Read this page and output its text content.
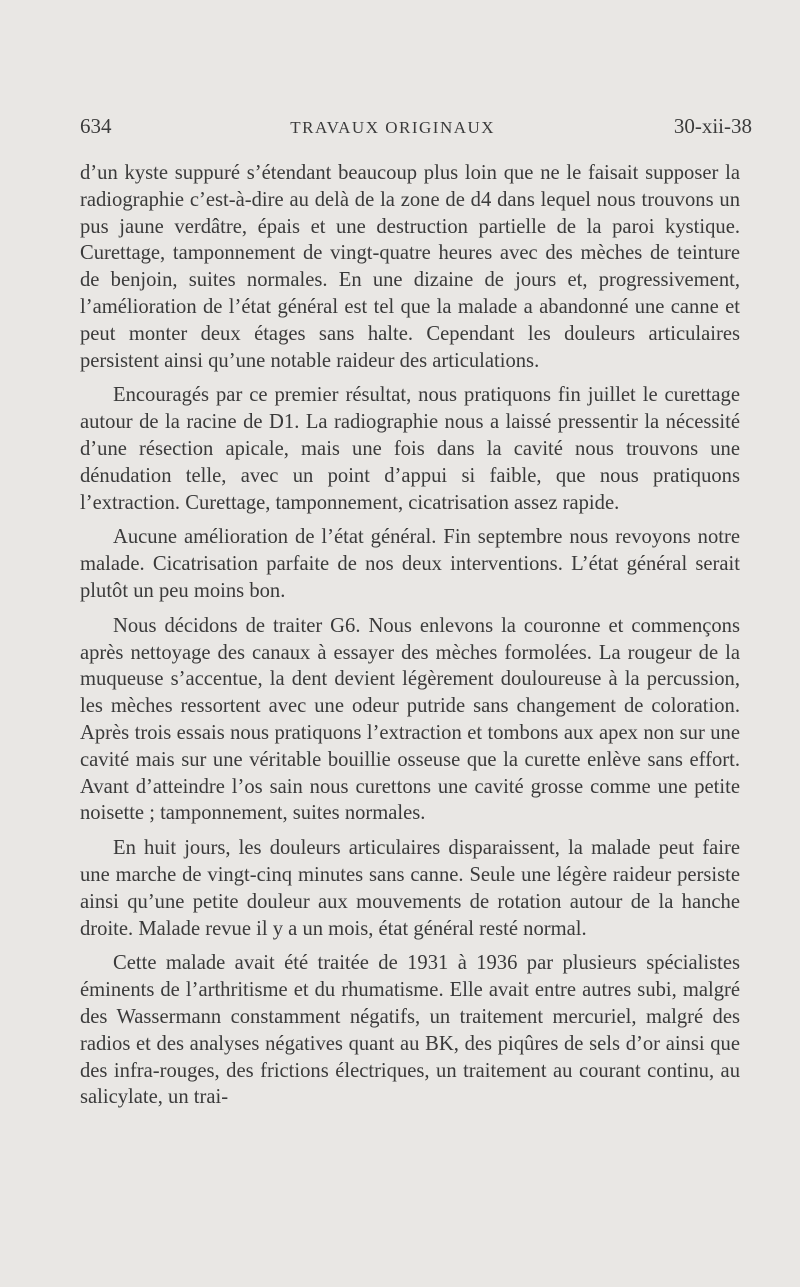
634	TRAVAUX ORIGINAUX	30-xii-38

d’un kyste suppuré s’étendant beaucoup plus loin que ne le faisait supposer la radiographie c’est-à-dire au delà de la zone de d4 dans lequel nous trouvons un pus jaune verdâtre, épais et une destruction partielle de la paroi kystique. Curettage, tamponnement de vingt-quatre heures avec des mèches de teinture de benjoin, suites normales. En une dizaine de jours et, progressivement, l’amélioration de l’état général est tel que la malade a abandonné une canne et peut monter deux étages sans halte. Cependant les douleurs articulaires persistent ainsi qu’une notable raideur des articulations.

Encouragés par ce premier résultat, nous pratiquons fin juillet le curettage autour de la racine de D1. La radiographie nous a laissé pressentir la nécessité d’une résection apicale, mais une fois dans la cavité nous trouvons une dénudation telle, avec un point d’appui si faible, que nous pratiquons l’extraction. Curettage, tamponnement, cicatrisation assez rapide.

Aucune amélioration de l’état général. Fin septembre nous revoyons notre malade. Cicatrisation parfaite de nos deux interventions. L’état général serait plutôt un peu moins bon.

Nous décidons de traiter G6. Nous enlevons la couronne et commençons après nettoyage des canaux à essayer des mèches formolées. La rougeur de la muqueuse s’accentue, la dent devient légèrement douloureuse à la percussion, les mèches ressortent avec une odeur putride sans changement de coloration. Après trois essais nous pratiquons l’extraction et tombons aux apex non sur une cavité mais sur une véritable bouillie osseuse que la curette enlève sans effort. Avant d’atteindre l’os sain nous curettons une cavité grosse comme une petite noisette ; tamponnement, suites normales.

En huit jours, les douleurs articulaires disparaissent, la malade peut faire une marche de vingt-cinq minutes sans canne. Seule une légère raideur persiste ainsi qu’une petite douleur aux mouvements de rotation autour de la hanche droite. Malade revue il y a un mois, état général resté normal.

Cette malade avait été traitée de 1931 à 1936 par plusieurs spécialistes éminents de l’arthritisme et du rhumatisme. Elle avait entre autres subi, malgré des Wassermann constamment négatifs, un traitement mercuriel, malgré des radios et des analyses négatives quant au BK, des piqûres de sels d’or ainsi que des infra-rouges, des frictions électriques, un traitement au courant continu, au salicylate, un trai-
